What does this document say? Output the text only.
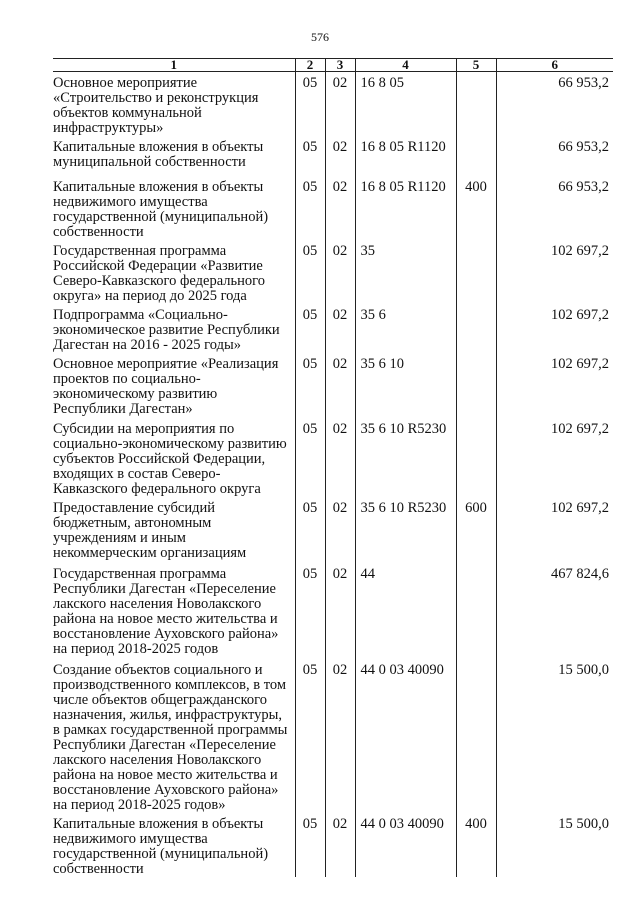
576
1	2	3	4	5	6
Основное мероприятие «Строительство и реконструкция объектов коммунальной инфраструктуры»	05	02	16 8 05		66 953,2
Капитальные вложения в объекты муниципальной собственности	05	02	16 8 05 R1120		66 953,2
Капитальные вложения в объекты недвижимого имущества государственной (муниципальной) собственности	05	02	16 8 05 R1120	400	66 953,2
Государственная программа Российской Федерации «Развитие Северо-Кавказского федерального округа» на период до 2025 года	05	02	35		102 697,2
Подпрограмма «Социально-экономическое развитие Республики Дагестан на 2016 - 2025 годы»	05	02	35 6		102 697,2
Основное мероприятие «Реализация проектов по социально-экономическому развитию Республики Дагестан»	05	02	35 6 10		102 697,2
Субсидии на мероприятия по социально-экономическому развитию субъектов Российской Федерации, входящих в состав Северо-Кавказского федерального округа	05	02	35 6 10 R5230		102 697,2
Предоставление субсидий бюджетным, автономным учреждениям и иным некоммерческим организациям	05	02	35 6 10 R5230	600	102 697,2
Государственная программа Республики Дагестан «Переселение лакского населения Новолакского района на новое место жительства и восстановление Ауховского района» на период 2018-2025 годов	05	02	44		467 824,6
Создание объектов социального и производственного комплексов, в том числе объектов общегражданского назначения, жилья, инфраструктуры, в рамках государственной программы Республики Дагестан «Переселение лакского населения Новолакского района на новое место жительства и восстановление Ауховского района» на период 2018-2025 годов»	05	02	44 0 03 40090		15 500,0
Капитальные вложения в объекты недвижимого имущества государственной (муниципальной) собственности	05	02	44 0 03 40090	400	15 500,0
